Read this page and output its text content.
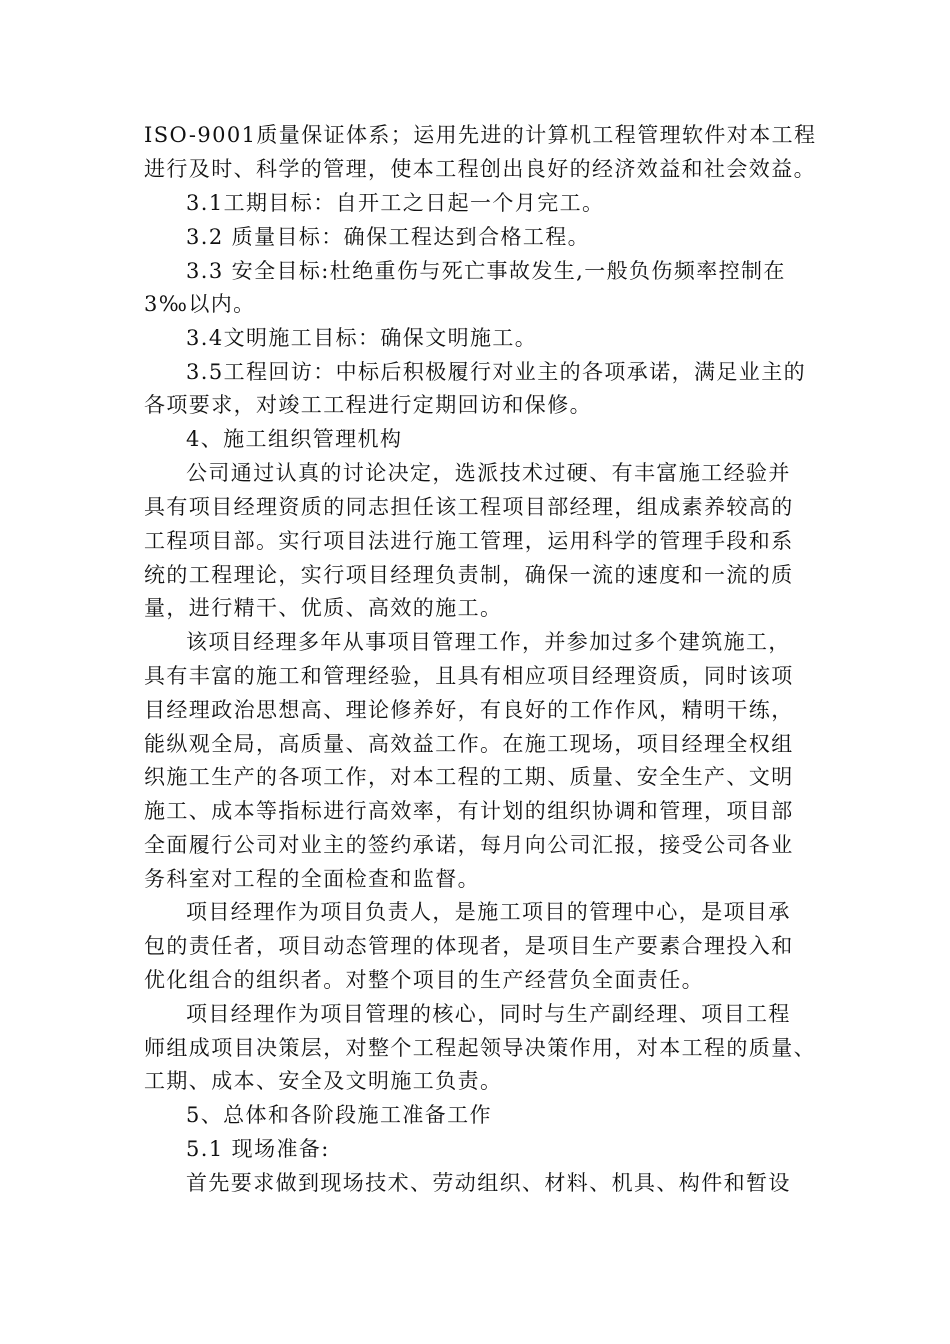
ISO-9001质量保证体系；运用先进的计算机工程管理软件对本工程
进行及时、科学的管理，使本工程创出良好的经济效益和社会效益。
3.1工期目标：自开工之日起一个月完工。
3.2 质量目标：确保工程达到合格工程。
3.3 安全目标:杜绝重伤与死亡事故发生,一般负伤频率控制在
3‰以内。
3.4文明施工目标：确保文明施工。
3.5工程回访：中标后积极履行对业主的各项承诺，满足业主的
各项要求，对竣工工程进行定期回访和保修。
4、施工组织管理机构
公司通过认真的讨论决定，选派技术过硬、有丰富施工经验并
具有项目经理资质的同志担任该工程项目部经理，组成素养较高的
工程项目部。实行项目法进行施工管理，运用科学的管理手段和系
统的工程理论，实行项目经理负责制，确保一流的速度和一流的质
量，进行精干、优质、高效的施工。
该项目经理多年从事项目管理工作，并参加过多个建筑施工，
具有丰富的施工和管理经验，且具有相应项目经理资质，同时该项
目经理政治思想高、理论修养好，有良好的工作作风，精明干练，
能纵观全局，高质量、高效益工作。在施工现场，项目经理全权组
织施工生产的各项工作，对本工程的工期、质量、安全生产、文明
施工、成本等指标进行高效率，有计划的组织协调和管理，项目部
全面履行公司对业主的签约承诺，每月向公司汇报，接受公司各业
务科室对工程的全面检查和监督。
项目经理作为项目负责人，是施工项目的管理中心，是项目承
包的责任者，项目动态管理的体现者，是项目生产要素合理投入和
优化组合的组织者。对整个项目的生产经营负全面责任。
项目经理作为项目管理的核心，同时与生产副经理、项目工程
师组成项目决策层，对整个工程起领导决策作用，对本工程的质量、
工期、成本、安全及文明施工负责。
5、总体和各阶段施工准备工作
5.1 现场准备:
首先要求做到现场技术、劳动组织、材料、机具、构件和暂设
